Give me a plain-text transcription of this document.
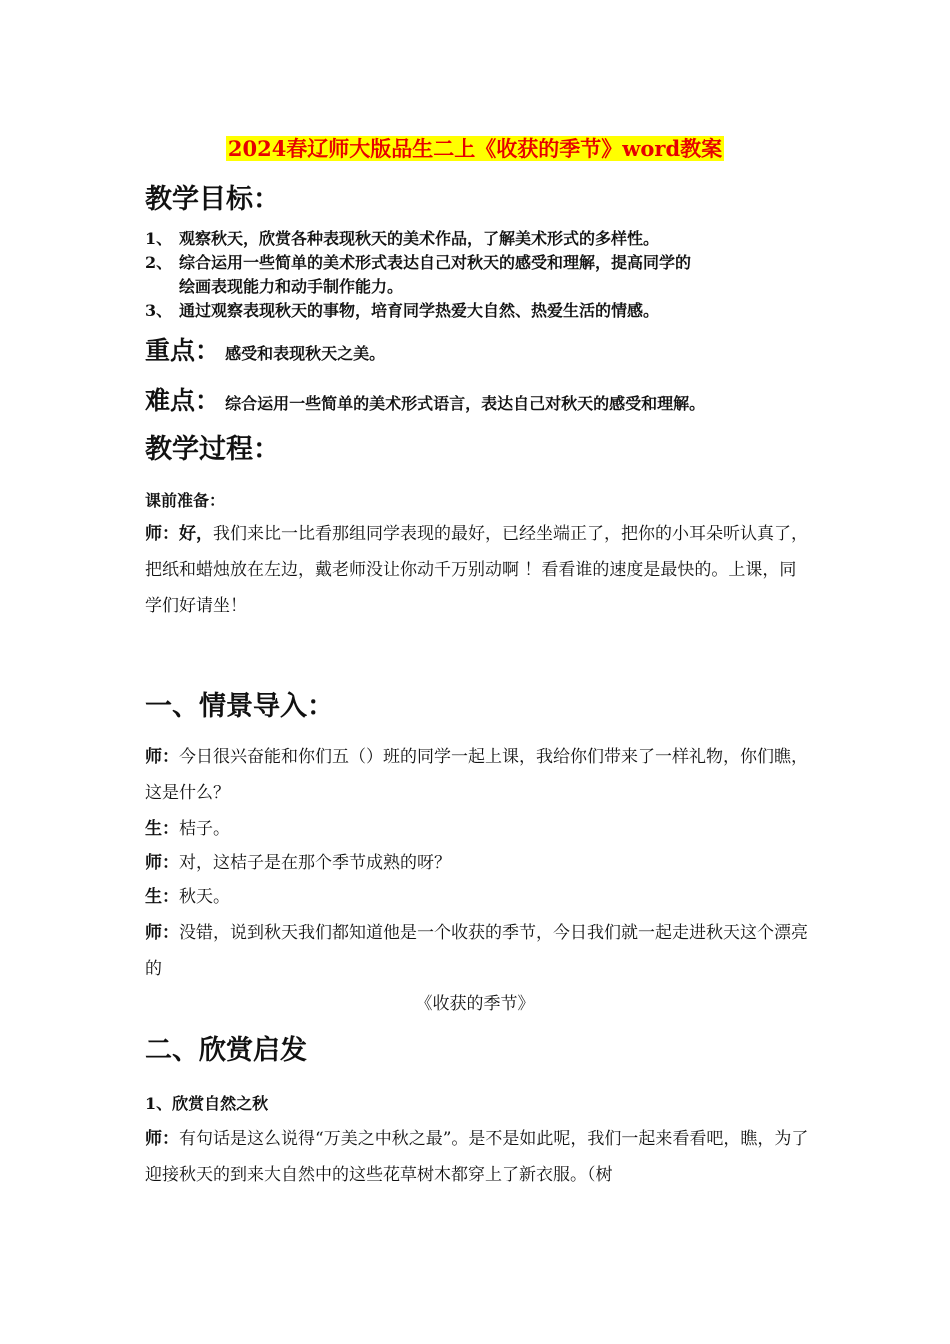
2024春辽师大版品生二上《收获的季节》word教案
教学目标：
1、 观察秋天，欣赏各种表现秋天的美术作品，了解美术形式的多样性。
2、 综合运用一些简单的美术形式表达自己对秋天的感受和理解，提高同学的
绘画表现能力和动手制作能力。
3、 通过观察表现秋天的事物，培育同学热爱大自然、热爱生活的情感。
重点： 感受和表现秋天之美。
难点： 综合运用一些简单的美术形式语言，表达自己对秋天的感受和理解。
教学过程：
课前准备：
师：好，我们来比一比看那组同学表现的最好，已经坐端正了，把你的小耳朵听认真了，把纸和蜡烛放在左边，戴老师没让你动千万别动啊 ！看看谁的速度是最快的。上课，同学们好请坐！
一、情景导入：
师：今日很兴奋能和你们五（）班的同学一起上课，我给你们带来了一样礼物，你们瞧，这是什么？
生：桔子。
师：对，这桔子是在那个季节成熟的呀？
生：秋天。
师：没错，说到秋天我们都知道他是一个收获的季节，今日我们就一起走进秋天这个漂亮的
《收获的季节》
二、欣赏启发
1、欣赏自然之秋
师：有句话是这么说得“万美之中秋之最”。是不是如此呢，我们一起来看看吧，瞧，为了迎接秋天的到来大自然中的这些花草树木都穿上了新衣服。（树
